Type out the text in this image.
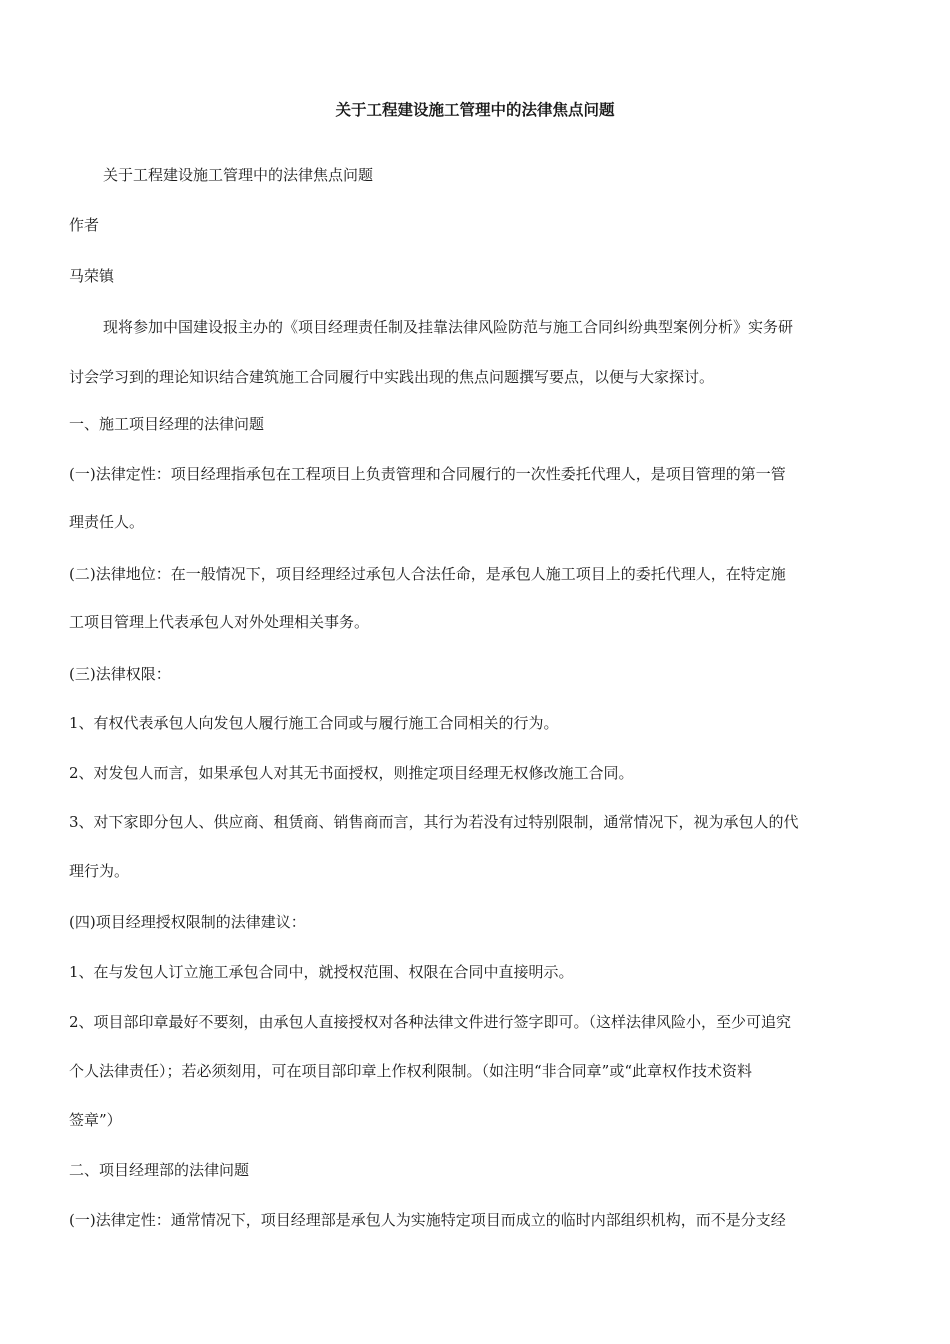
关于工程建设施工管理中的法律焦点问题
关于工程建设施工管理中的法律焦点问题
作者
马荣镇
现将参加中国建设报主办的《项目经理责任制及挂靠法律风险防范与施工合同纠纷典型案例分析》实务研
讨会学习到的理论知识结合建筑施工合同履行中实践出现的焦点问题撰写要点，以便与大家探讨。
一、施工项目经理的法律问题
(一)法律定性：项目经理指承包在工程项目上负责管理和合同履行的一次性委托代理人，是项目管理的第一管
理责任人。
(二)法律地位：在一般情况下，项目经理经过承包人合法任命，是承包人施工项目上的委托代理人，在特定施
工项目管理上代表承包人对外处理相关事务。
(三)法律权限：
1、有权代表承包人向发包人履行施工合同或与履行施工合同相关的行为。
2、对发包人而言，如果承包人对其无书面授权，则推定项目经理无权修改施工合同。
3、对下家即分包人、供应商、租赁商、销售商而言，其行为若没有过特别限制，通常情况下，视为承包人的代
理行为。
(四)项目经理授权限制的法律建议：
1、在与发包人订立施工承包合同中，就授权范围、权限在合同中直接明示。
2、项目部印章最好不要刻，由承包人直接授权对各种法律文件进行签字即可。（这样法律风险小，至少可追究
个人法律责任）；若必须刻用，可在项目部印章上作权利限制。（如注明“非合同章”或“此章权作技术资料
签章”）
二、项目经理部的法律问题
(一)法律定性：通常情况下，项目经理部是承包人为实施特定项目而成立的临时内部组织机构，而不是分支经
